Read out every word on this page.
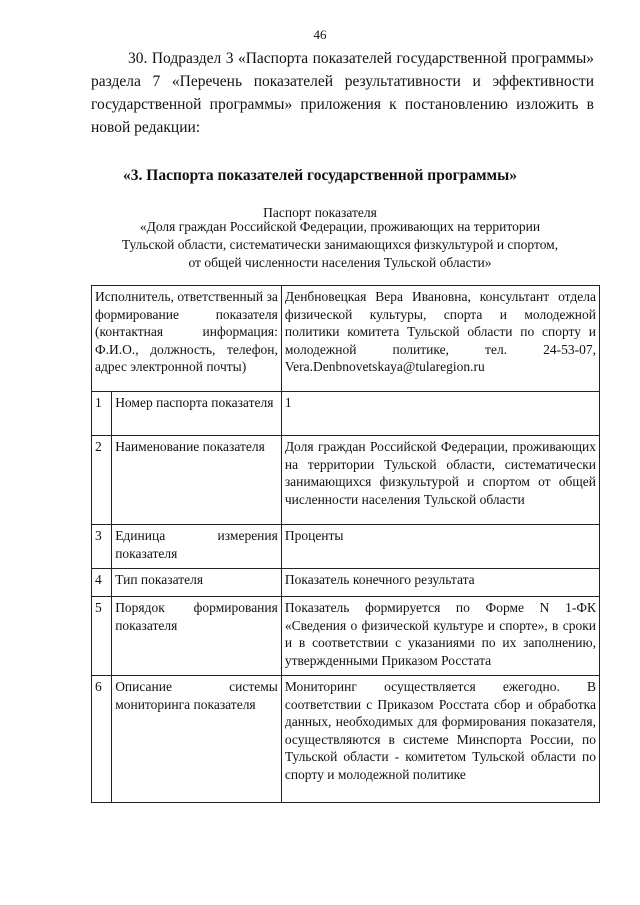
46
30. Подраздел 3 «Паспорта показателей государственной программы» раздела 7 «Перечень показателей результативности и эффективности государственной программы» приложения к постановлению изложить в новой редакции:
«3. Паспорта показателей государственной программы»
Паспорт показателя
«Доля граждан Российской Федерации, проживающих на территории Тульской области, систематически занимающихся физкультурой и спортом, от общей численности населения Тульской области»
Исполнитель, ответственный за формирование показателя (контактная информация: Ф.И.О., должность, телефон, адрес электронной почты)		Денбновецкая Вера Ивановна, консультант отдела физической культуры, спорта и молодежной политики комитета Тульской области по спорту и молодежной политике, тел. 24-53-07, Vera.Denbnovetskaya@tularegion.ru
1	Номер паспорта показателя	1
2	Наименование показателя	Доля граждан Российской Федерации, проживающих на территории Тульской области, систематически занимающихся физкультурой и спортом от общей численности населения Тульской области
3	Единица измерения показателя	Проценты
4	Тип показателя	Показатель конечного результата
5	Порядок формирования показателя	Показатель формируется по Форме N 1-ФК «Сведения о физической культуре и спорте», в сроки и в соответствии с указаниями по их заполнению, утвержденными Приказом Росстата
6	Описание системы мониторинга показателя	Мониторинг осуществляется ежегодно. В соответствии с Приказом Росстата сбор и обработка данных, необходимых для формирования показателя, осуществляются в системе Минспорта России, по Тульской области - комитетом Тульской области по спорту и молодежной политике
